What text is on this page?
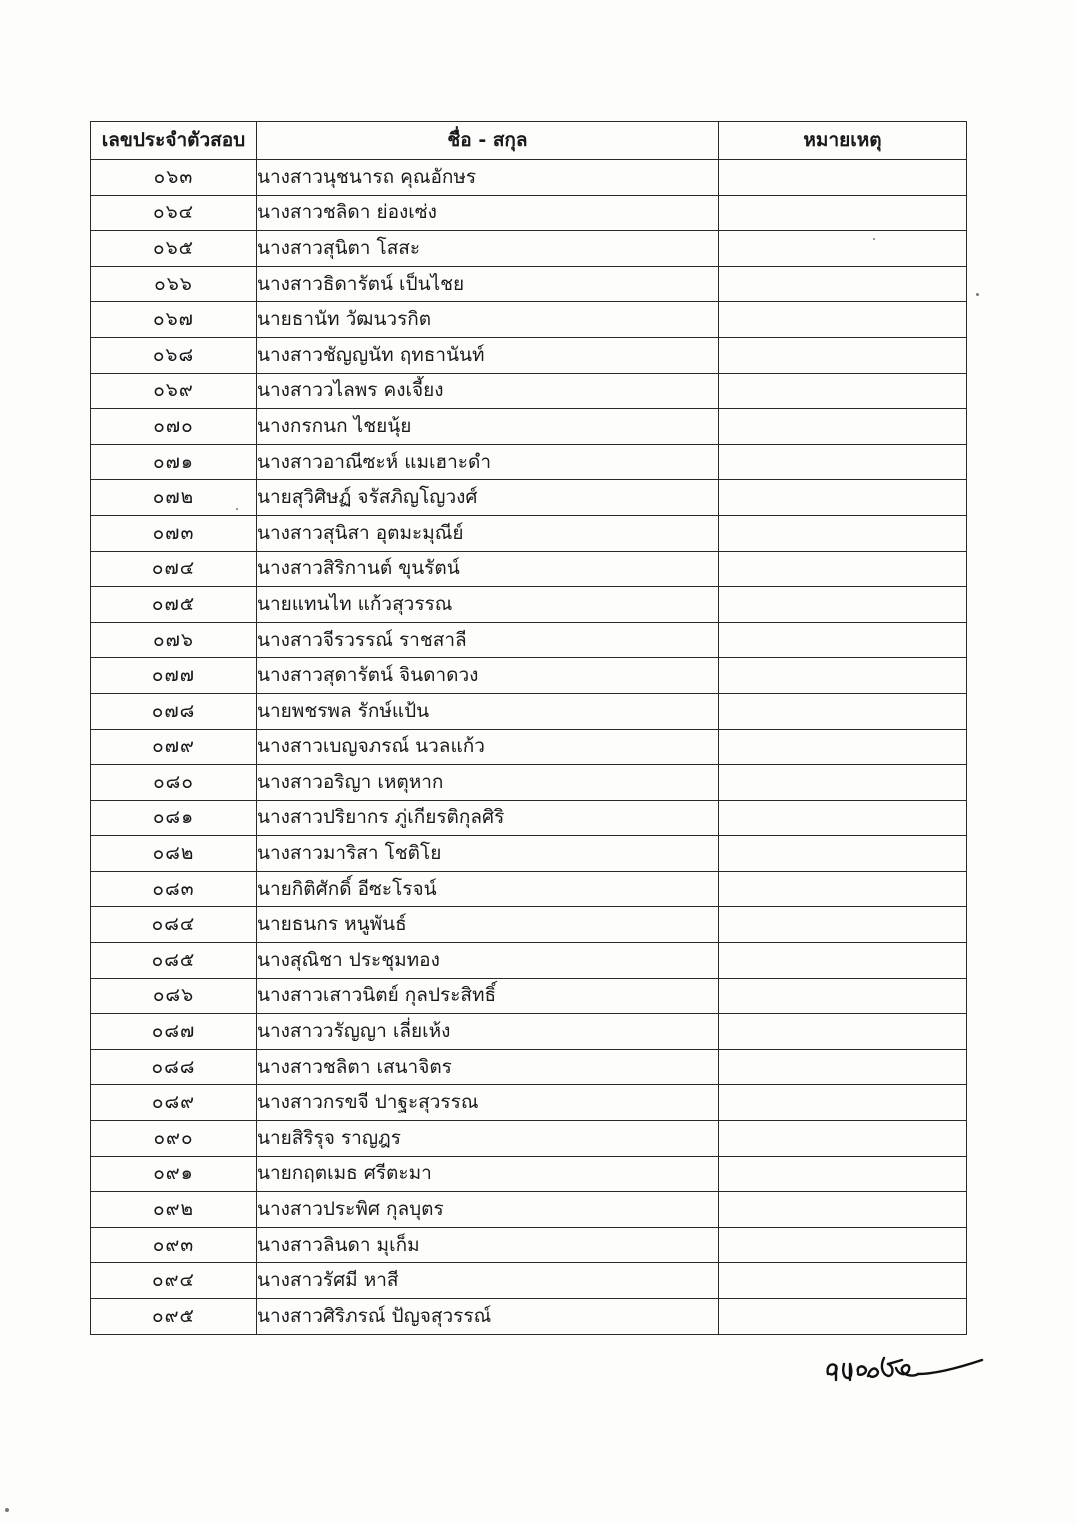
เลขประจำตัวสอบ	ชื่อ - สกุล	หมายเหตุ
๐๖๓	นางสาวนุชนารถ คุณอักษร	
๐๖๔	นางสาวชลิดา ย่องเซ่ง	
๐๖๕	นางสาวสุนิตา โสสะ	
๐๖๖	นางสาวธิดารัตน์ เป็นไชย	
๐๖๗	นายธานัท วัฒนวรกิต	
๐๖๘	นางสาวชัญญนัท ฤทธานันท์	
๐๖๙	นางสาววไลพร คงเจี้ยง	
๐๗๐	นางกรกนก ไชยนุ้ย	
๐๗๑	นางสาวอาณีซะห์ แมเฮาะดำ	
๐๗๒	นายสุวิศิษฏ์ จรัสภิญโญวงศ์	
๐๗๓	นางสาวสุนิสา อุตมะมุณีย์	
๐๗๔	นางสาวสิริกานต์ ขุนรัตน์	
๐๗๕	นายแทนไท แก้วสุวรรณ	
๐๗๖	นางสาวจีรวรรณ์ ราชสาลี	
๐๗๗	นางสาวสุดารัตน์ จินดาดวง	
๐๗๘	นายพชรพล รักษ์แป้น	
๐๗๙	นางสาวเบญจภรณ์ นวลแก้ว	
๐๘๐	นางสาวอริญา เหตุหาก	
๐๘๑	นางสาวปริยากร ภู่เกียรติกุลศิริ	
๐๘๒	นางสาวมาริสา โชติโย	
๐๘๓	นายกิติศักดิ์ อีซะโรจน์	
๐๘๔	นายธนกร หนูพันธ์	
๐๘๕	นางสุณิชา ประชุมทอง	
๐๘๖	นางสาวเสาวนิตย์ กุลประสิทธิ์	
๐๘๗	นางสาววรัญญา เลี่ยเห้ง	
๐๘๘	นางสาวชลิตา เสนาจิตร	
๐๘๙	นางสาวกรขจี ปาฐะสุวรรณ	
๐๙๐	นายสิริรุจ ราญฎร	
๐๙๑	นายกฤตเมธ ศรีตะมา	
๐๙๒	นางสาวประพิศ กุลบุตร	
๐๙๓	นางสาวลินดา มุเก็ม	
๐๙๔	นางสาวรัศมี หาสี	
๐๙๕	นางสาวศิริภรณ์ ปัญจสุวรรณ์	
